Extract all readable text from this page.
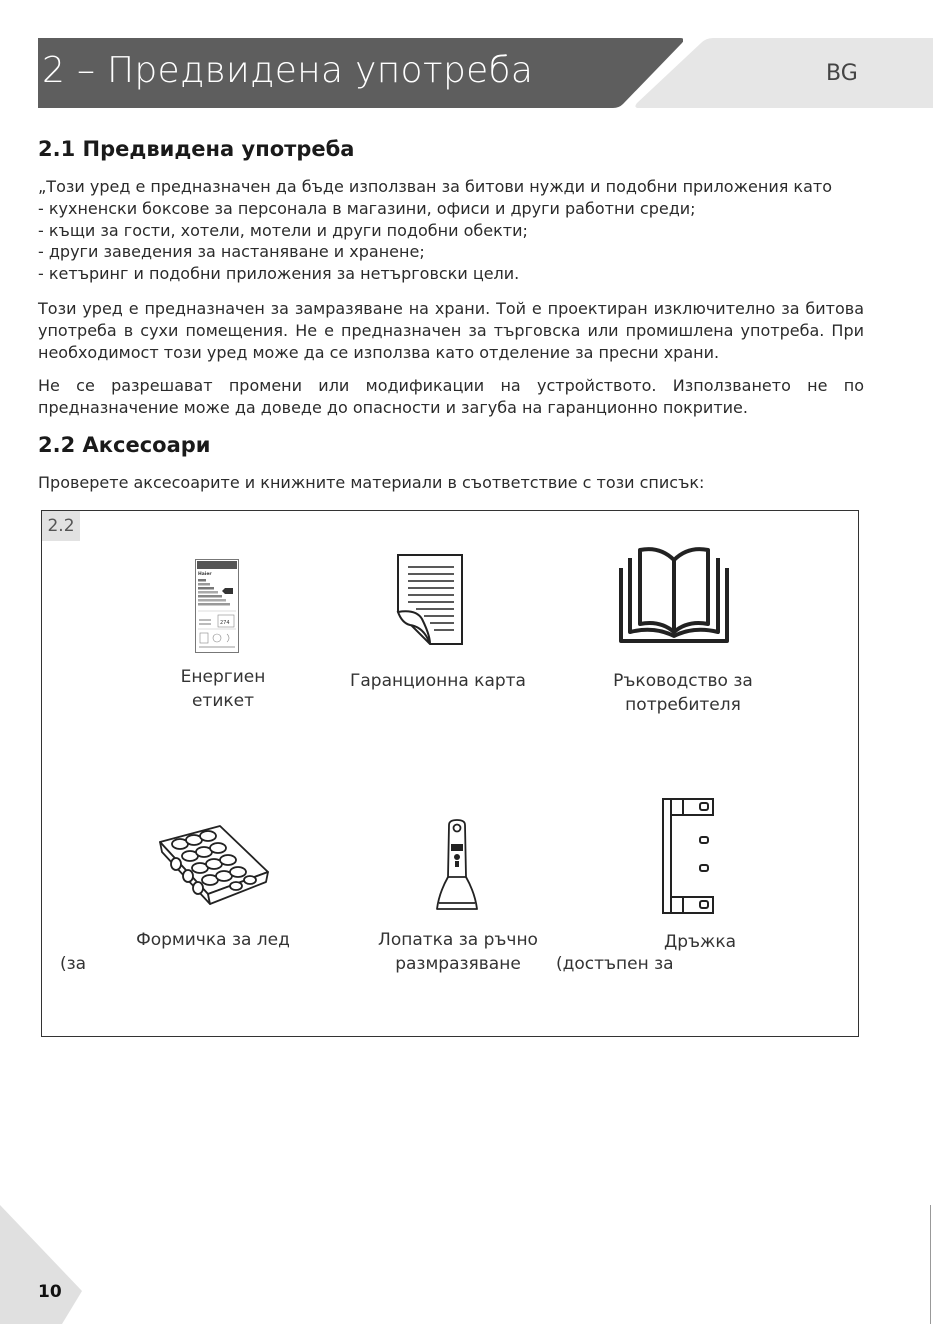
2 – Предвидена употреба	BG
2.1 Предвидена употреба

„Този уред е предназначен да бъде използван за битови нужди и подобни приложения като

- кухненски боксове за персонала в магазини, офиси и други работни среди;

- къщи за гости, хотели, мотели и други подобни обекти;

- други заведения за настаняване и хранене;

- кетъринг и подобни приложения за нетърговски цели.

Този уред е предназначен за замразяване на храни. Той е проектиран изключително за битова

употреба в сухи помещения. Не е предназначен за търговска или промишлена употреба. При

необходимост този уред може да се използва като отделение за пресни храни.

Не се разрешават промени или модификации на устройството. Използването не по

предназначение може да доведе до опасности и загуба на гаранционно покритие.

2.2 Аксесоари

Проверете аксесоарите и книжните материали в съответствие с този списък:

2.2
Haier
274
Енергиен
етикет
Гаранционна карта	Ръководство за
потребителя
Формичка за лед
(за
Лопатка за ръчно
размразяване
Дръжка
(достъпен за
10
